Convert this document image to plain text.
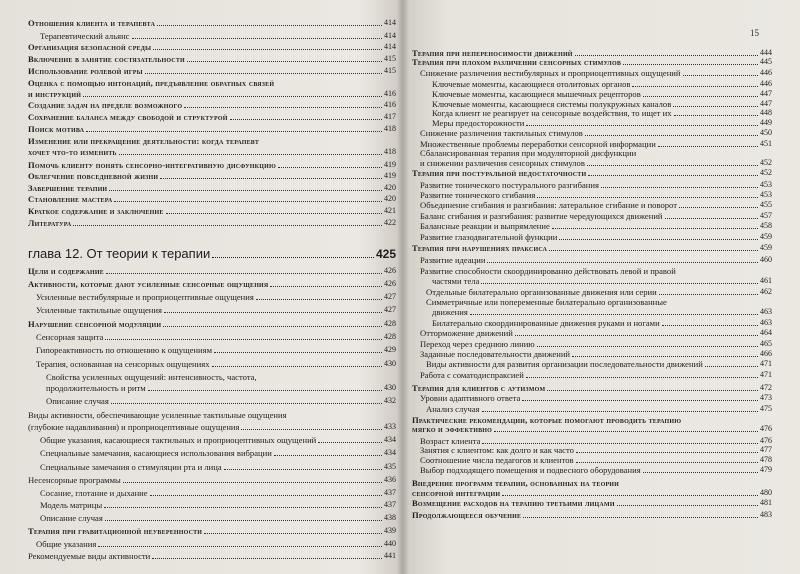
15
Отношения клиента и терапевта	414
Терапевтический альянс	414
Организация безопасной среды	414
Включение в занятие состязательности	415
Использование ролевой игры	415
Оценка с помощью интонаций, предъявление обратных связей
и инструкций	416
Создание задач на пределе возможного	416
Сохранение баланса между свободой и структурой	417
Поиск мотива	418
Изменение или прекращение деятельности: когда терапевт
хочет что-то изменить	418
Помочь клиенту понять сенсорно-интегративную дисфункцию	419
Облегчение повседневной жизни	419
Завершение терапии	420
Становление мастера	420
Краткое содержание и заключение	421
Литература	422
глава 12. От теории к терапии	425
Цели и содержание	426
Активности, которые дают усиленные сенсорные ощущения	426
Усиленные вестибулярные и проприоцептивные ощущения	427
Усиленные тактильные ощущения	427
Нарушение сенсорной модуляции	428
Сенсорная защита	428
Гипореактивность по отношению к ощущениям	429
Терапия, основанная на сенсорных ощущениях	430
Свойства усиленных ощущений: интенсивность, частота,
продолжительность и ритм	430
Описание случая	432
Виды активности, обеспечивающие усиленные тактильные ощущения
(глубокие надавливания) и проприоцептивные ощущения	433
Общие указания, касающиеся тактильных и проприоцептивных ощущений	434
Специальные замечания, касающиеся использования вибрации	434
Специальные замечания о стимуляции рта и лица	435
Несенсорные программы	436
Сосание, глотание и дыхание	437
Модель матрицы	437
Описание случая	438
Терапия при гравитационной неуверенности	439
Общие указания	440
Рекомендуемые виды активности	441
Терапия при непереносимости движений	444
Терапия при плохом различении сенсорных стимулов	445
Снижение различения вестибулярных и проприоцептивных ощущений	446
Ключевые моменты, касающиеся отолитовых органов	446
Ключевые моменты, касающиеся мышечных рецепторов	447
Ключевые моменты, касающиеся системы полукружных каналов	447
Когда клиент не реагирует на сенсорные воздействия, то ищет их	448
Меры предосторожности	449
Снижение различения тактильных стимулов	450
Множественные проблемы переработки сенсорной информации	451
Сбалансированная терапия при модуляторной дисфункции
и снижении различения сенсорных стимулов	452
Терапия при постуральной недостаточности	452
Развитие тонического постурального разгибания	453
Развитие тонического сгибания	453
Объединение сгибания и разгибания: латеральное сгибание и поворот	455
Баланс сгибания и разгибания: развитие чередующихся движений	457
Балансные реакции и выпрямление	458
Развитие глазодвигательной функции	459
Терапия при нарушениях праксиса	459
Развитие идеации	460
Развитие способности скоординированно действовать левой и правой
частями тела	461
Отдельные билатерально организованные движения или серии	462
Симметричные или попеременные билатерально организованные
движения	463
Билатерально скоординированные движения руками и ногами	463
Отторможение движений	464
Переход через среднюю линию	465
Заданные последовательности движений	466
Виды активности для развития организации последовательности движений	471
Работа с соматодиспраксией	471
Терапия для клиентов с аутизмом	472
Уровни адаптивного ответа	473
Анализ случая	475
Практические рекомендации, которые помогают проводить терапию
мягко и эффективно	476
Возраст клиента	476
Занятия с клиентом: как долго и как часто	477
Соотношение числа педагогов и клиентов	478
Выбор подходящего помещения и подвесного оборудования	479
Внедрение программ терапии, основанных на теории
сенсорной интеграции	480
Возмещение расходов на терапию третьими лицами	481
Продолжающееся обучение	483
